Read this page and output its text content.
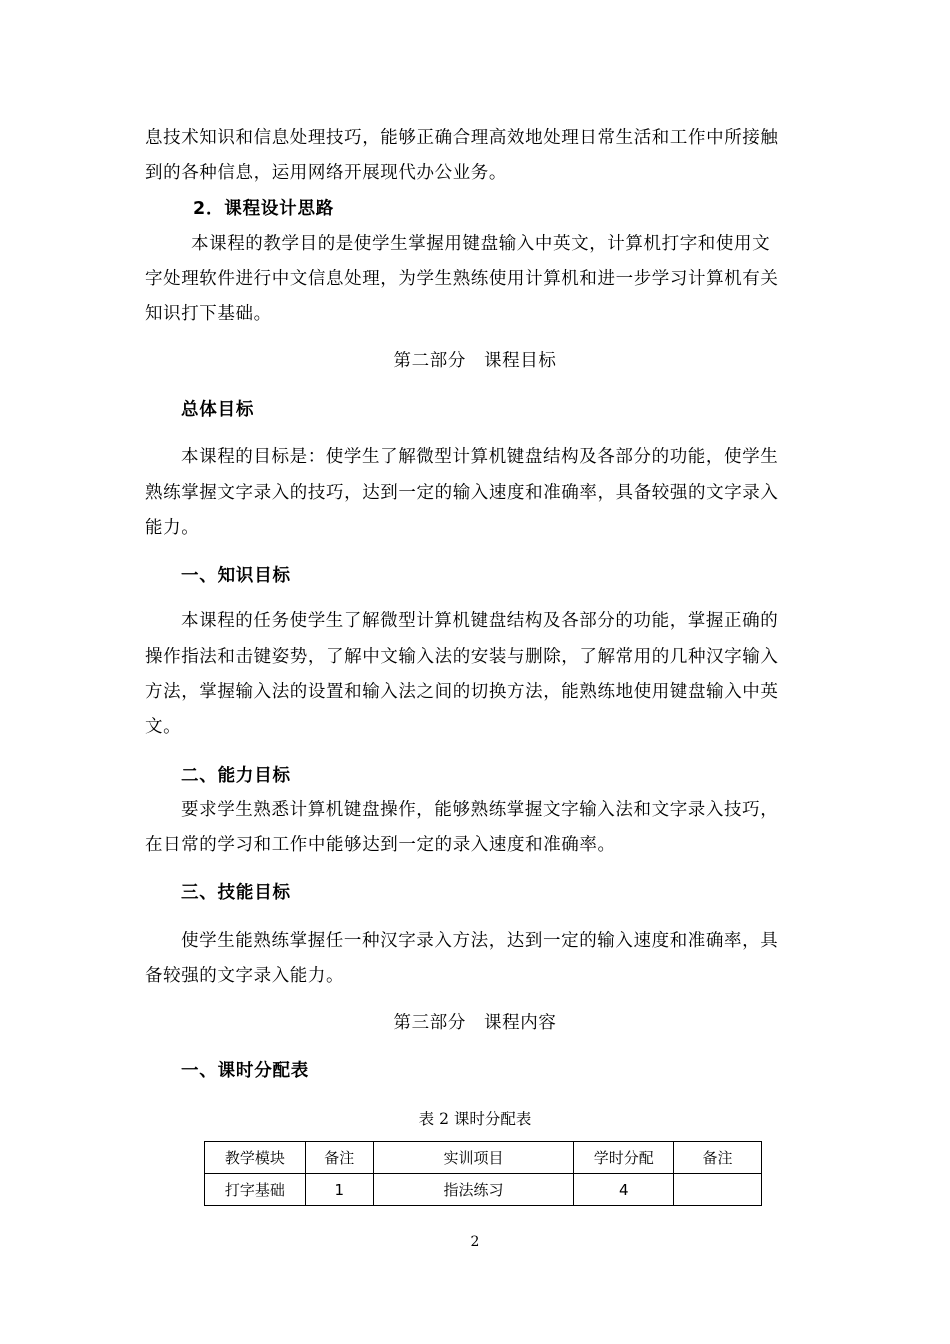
息技术知识和信息处理技巧，能够正确合理高效地处理日常生活和工作中所接触
到的各种信息，运用网络开展现代办公业务。
2．课程设计思路
本课程的教学目的是使学生掌握用键盘输入中英文，计算机打字和使用文
字处理软件进行中文信息处理，为学生熟练使用计算机和进一步学习计算机有关
知识打下基础。
第二部分　课程目标
总体目标
本课程的目标是：使学生了解微型计算机键盘结构及各部分的功能，使学生
熟练掌握文字录入的技巧，达到一定的输入速度和准确率，具备较强的文字录入
能力。
一、知识目标
本课程的任务使学生了解微型计算机键盘结构及各部分的功能，掌握正确的
操作指法和击键姿势，了解中文输入法的安装与删除，了解常用的几种汉字输入
方法，掌握输入法的设置和输入法之间的切换方法，能熟练地使用键盘输入中英
文。
二、能力目标
要求学生熟悉计算机键盘操作，能够熟练掌握文字输入法和文字录入技巧，
在日常的学习和工作中能够达到一定的录入速度和准确率。
三、技能目标
使学生能熟练掌握任一种汉字录入方法，达到一定的输入速度和准确率，具
备较强的文字录入能力。
第三部分　课程内容
一、课时分配表
表 2 课时分配表
教学模块	备注	实训项目	学时分配	备注
打字基础	1	指法练习	4	
2
